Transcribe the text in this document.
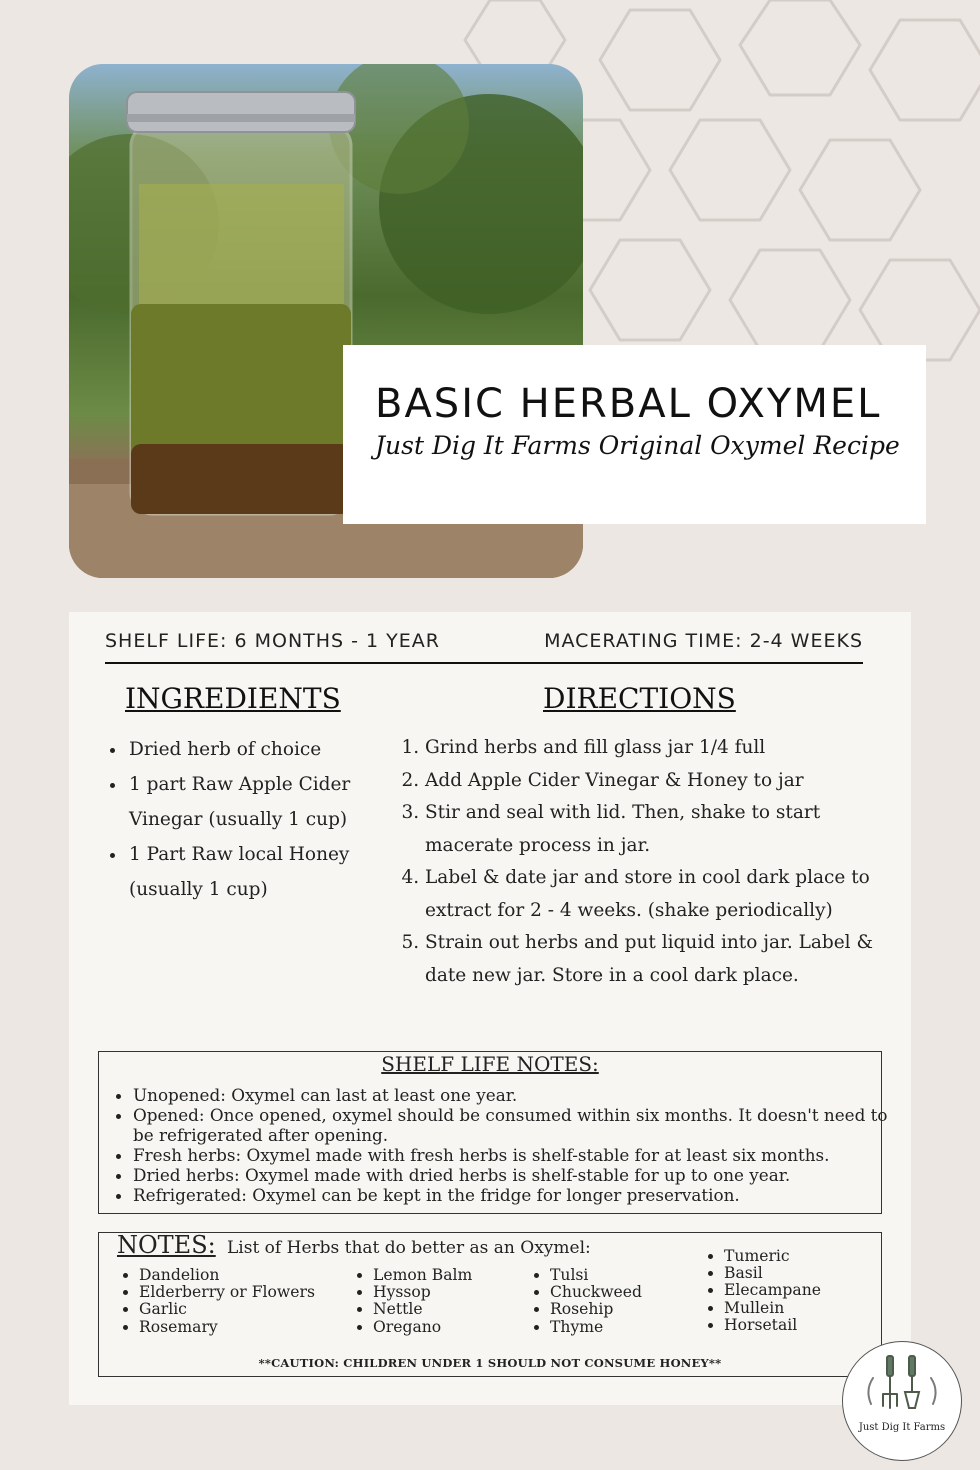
BASIC HERBAL OXYMEL
Just Dig It Farms Original Oxymel Recipe
SHELF LIFE: 6 MONTHS - 1 YEAR	MACERATING TIME: 2-4 WEEKS
INGREDIENTS
• Dried herb of choice
• 1 part Raw Apple Cider Vinegar (usually 1 cup)
• 1 Part Raw local Honey (usually 1 cup)
DIRECTIONS
1. Grind herbs and fill glass jar 1/4 full
2. Add Apple Cider Vinegar & Honey to jar
3. Stir and seal with lid. Then, shake to start macerate process in jar.
4. Label & date jar and store in cool dark place to extract for 2 - 4 weeks. (shake periodically)
5. Strain out herbs and put liquid into jar. Label & date new jar. Store in a cool dark place.
SHELF LIFE NOTES:
• Unopened: Oxymel can last at least one year.
• Opened: Once opened, oxymel should be consumed within six months. It doesn't need to be refrigerated after opening.
• Fresh herbs: Oxymel made with fresh herbs is shelf-stable for at least six months.
• Dried herbs: Oxymel made with dried herbs is shelf-stable for up to one year.
• Refrigerated: Oxymel can be kept in the fridge for longer preservation.
NOTES: List of Herbs that do better as an Oxymel:
• Dandelion
• Elderberry or Flowers
• Garlic
• Rosemary
• Lemon Balm
• Hyssop
• Nettle
• Oregano
• Tulsi
• Chuckweed
• Rosehip
• Thyme
• Tumeric
• Basil
• Elecampane
• Mullein
• Horsetail
**CAUTION: CHILDREN UNDER 1 SHOULD NOT CONSUME HONEY**
Just Dig It Farms
